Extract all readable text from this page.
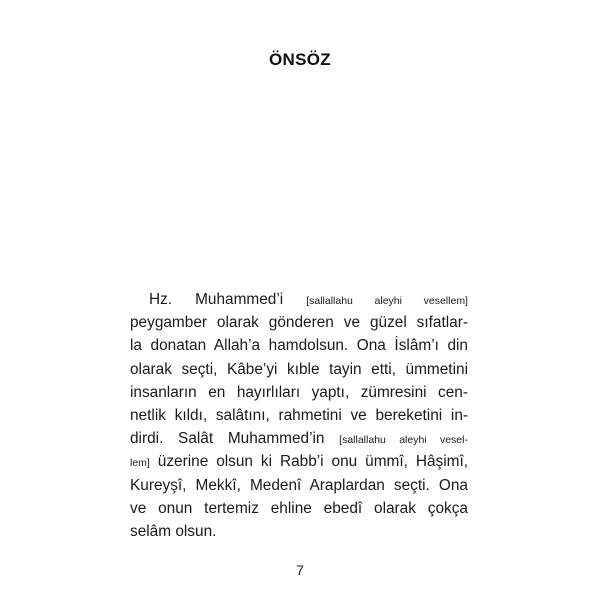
ÖNSÖZ
Hz. Muhammed’i [sallallahu aleyhi vesellem]
peygamber olarak gönderen ve güzel sıfatlar-
la donatan Allah’a hamdolsun. Ona İslâm’ı din
olarak seçti, Kâbe’yi kıble tayin etti, ümmetini
insanların en hayırlıları yaptı, zümresini cen-
netlik kıldı, salâtını, rahmetini ve bereketini in-
dirdi. Salât Muhammed’in [sallallahu aleyhi vesel-
lem] üzerine olsun ki Rabb’i onu ümmî, Hâşimî,
Kureyşî, Mekkî, Medenî Araplardan seçti. Ona
ve onun tertemiz ehline ebedî olarak çokça
selâm olsun.
7
